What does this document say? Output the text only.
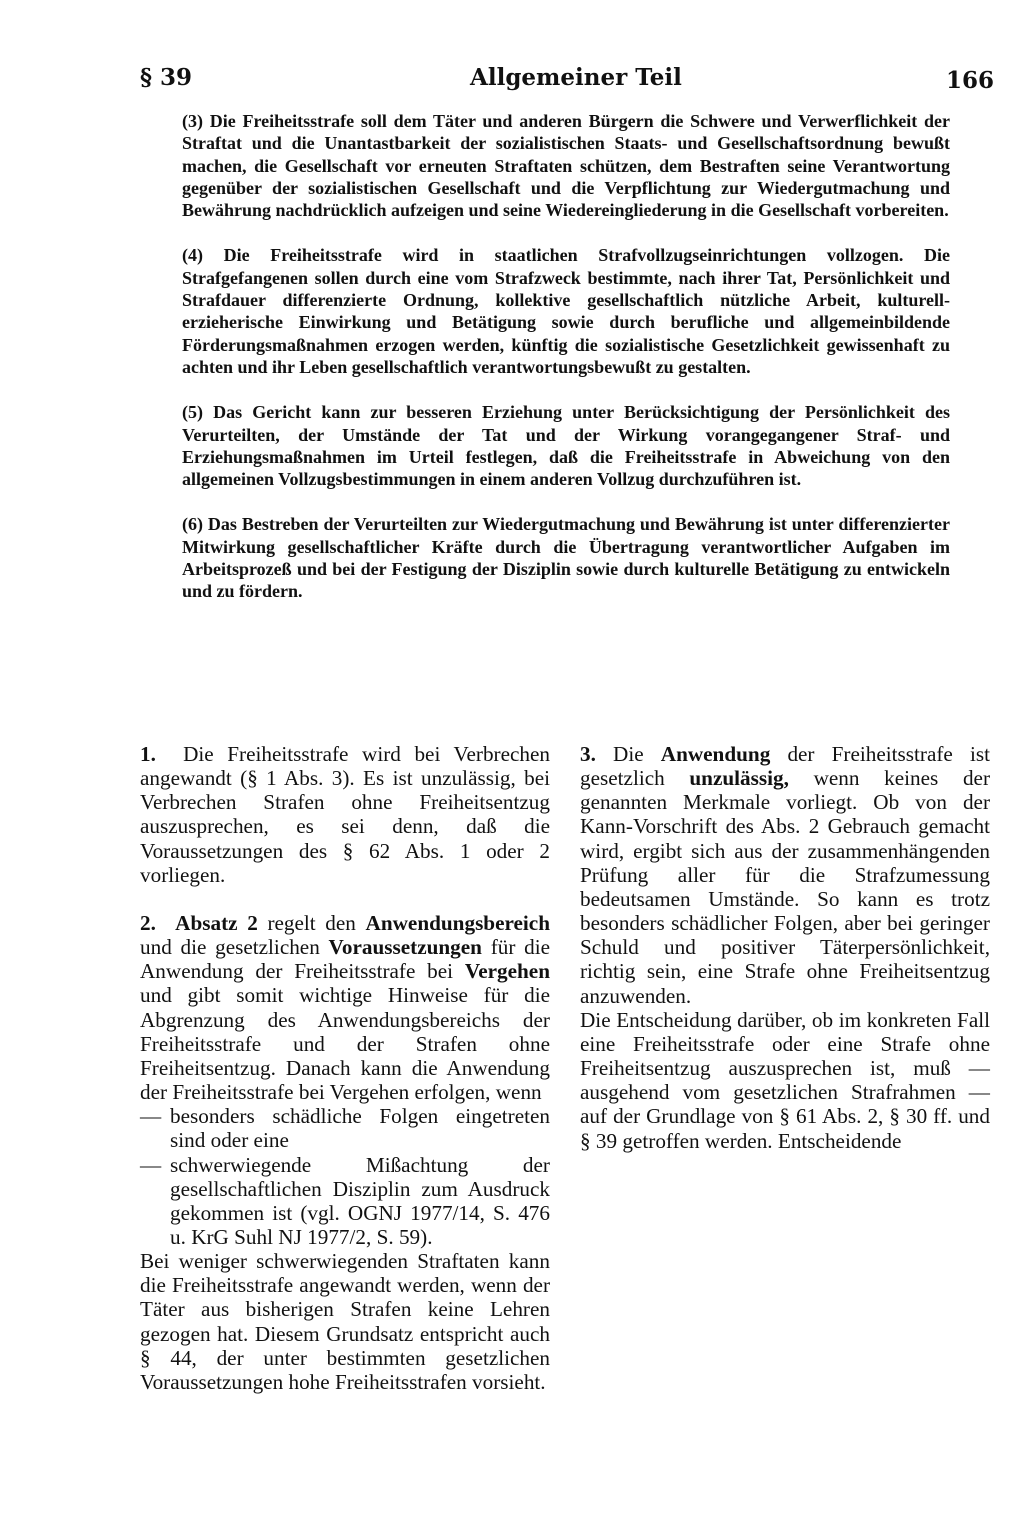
§ 39	Allgemeiner Teil	166

(3) Die Freiheitsstrafe soll dem Täter und anderen Bürgern die Schwere und Verwerflichkeit der Straftat und die Unantastbarkeit der sozialistischen Staats- und Gesellschaftsordnung bewußt machen, die Gesellschaft vor erneuten Straftaten schützen, dem Bestraften seine Verantwortung gegenüber der sozialistischen Gesellschaft und die Verpflichtung zur Wiedergutmachung und Bewährung nachdrücklich aufzeigen und seine Wiedereingliederung in die Gesellschaft vorbereiten.

(4) Die Freiheitsstrafe wird in staatlichen Strafvollzugseinrichtungen vollzogen. Die Strafgefangenen sollen durch eine vom Strafzweck bestimmte, nach ihrer Tat, Persönlichkeit und Strafdauer differenzierte Ordnung, kollektive gesellschaftlich nützliche Arbeit, kulturell-erzieherische Einwirkung und Betätigung sowie durch berufliche und allgemeinbildende Förderungsmaßnahmen erzogen werden, künftig die sozialistische Gesetzlichkeit gewissenhaft zu achten und ihr Leben gesellschaftlich verantwortungsbewußt zu gestalten.

(5) Das Gericht kann zur besseren Erziehung unter Berücksichtigung der Persönlichkeit des Verurteilten, der Umstände der Tat und der Wirkung vorangegangener Straf- und Erziehungsmaßnahmen im Urteil festlegen, daß die Freiheitsstrafe in Abweichung von den allgemeinen Vollzugsbestimmungen in einem anderen Vollzug durchzuführen ist.

(6) Das Bestreben der Verurteilten zur Wiedergutmachung und Bewährung ist unter differenzierter Mitwirkung gesellschaftlicher Kräfte durch die Übertragung verantwortlicher Aufgaben im Arbeitsprozeß und bei der Festigung der Disziplin sowie durch kulturelle Betätigung zu entwickeln und zu fördern.

1. Die Freiheitsstrafe wird bei Verbrechen angewandt (§ 1 Abs. 3). Es ist unzulässig, bei Verbrechen Strafen ohne Freiheitsentzug auszusprechen, es sei denn, daß die Voraussetzungen des § 62 Abs. 1 oder 2 vorliegen.

2. Absatz 2 regelt den Anwendungsbereich und die gesetzlichen Voraussetzungen für die Anwendung der Freiheitsstrafe bei Vergehen und gibt somit wichtige Hinweise für die Abgrenzung des Anwendungsbereichs der Freiheitsstrafe und der Strafen ohne Freiheitsentzug. Danach kann die Anwendung der Freiheitsstrafe bei Vergehen erfolgen, wenn

— besonders schädliche Folgen eingetreten sind oder eine
— schwerwiegende Mißachtung der gesellschaftlichen Disziplin zum Ausdruck gekommen ist (vgl. OGNJ 1977/14, S. 476 u. KrG Suhl NJ 1977/2, S. 59).

Bei weniger schwerwiegenden Straftaten kann die Freiheitsstrafe angewandt werden, wenn der Täter aus bisherigen Strafen keine Lehren gezogen hat. Diesem Grundsatz entspricht auch § 44, der unter bestimmten gesetzlichen Voraussetzungen hohe Freiheitsstrafen vorsieht.

3. Die Anwendung der Freiheitsstrafe ist gesetzlich unzulässig, wenn keines der genannten Merkmale vorliegt. Ob von der Kann-Vorschrift des Abs. 2 Gebrauch gemacht wird, ergibt sich aus der zusammenhängenden Prüfung aller für die Strafzumessung bedeutsamen Umstände. So kann es trotz besonders schädlicher Folgen, aber bei geringer Schuld und positiver Täterpersönlichkeit, richtig sein, eine Strafe ohne Freiheitsentzug anzuwenden.

Die Entscheidung darüber, ob im konkreten Fall eine Freiheitsstrafe oder eine Strafe ohne Freiheitsentzug auszusprechen ist, muß — ausgehend vom gesetzlichen Strafrahmen — auf der Grundlage von § 61 Abs. 2, § 30 ff. und § 39 getroffen werden. Entscheidende
